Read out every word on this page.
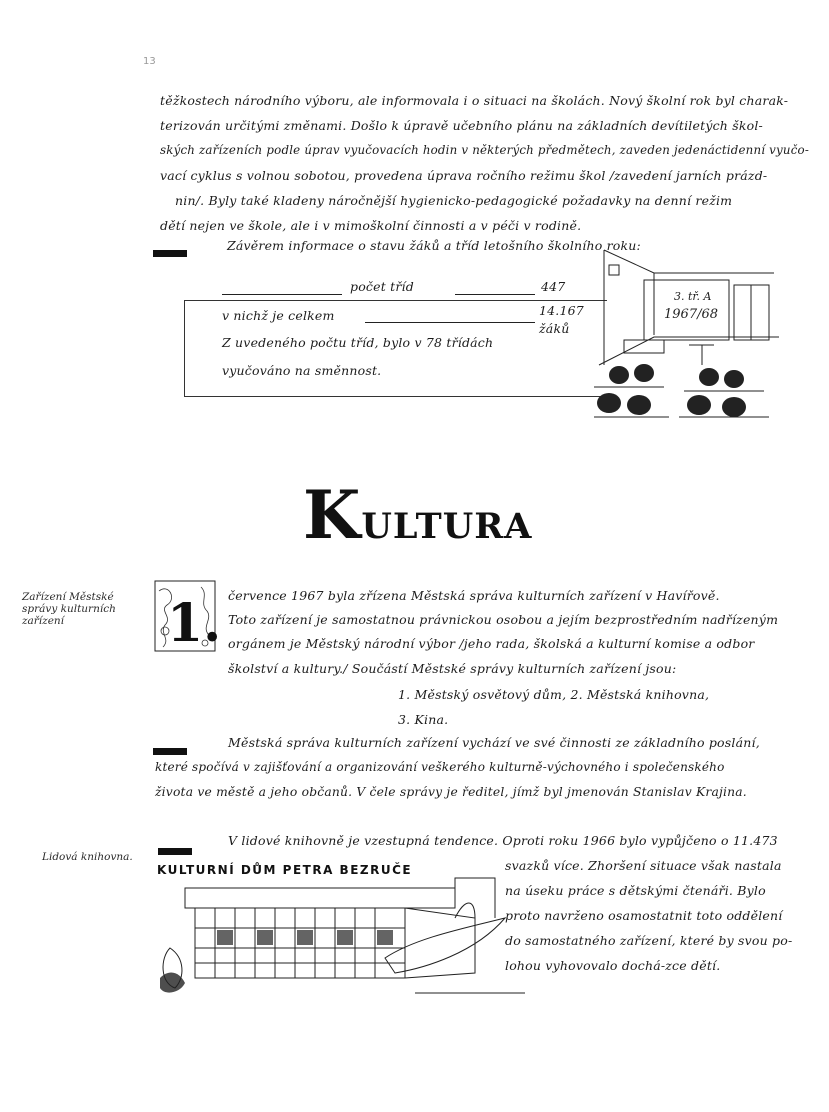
13
těžkostech národního výboru, ale informovala i o situaci na školách. Nový školní rok byl charak-
terizován určitými změnami. Došlo k úpravě učebního plánu na základních devítiletých škol-
ských zařízeních podle úprav vyučovacích hodin v některých předmětech, zaveden jedenáctidenní vyučo-
vací cyklus s volnou sobotou, provedena úprava ročního režimu škol /zavedení jarních prázd-
nin/. Byly také kladeny náročnější hygienicko-pedagogické požadavky na denní režim
dětí nejen ve škole, ale i v mimoškolní činnosti a v péči v rodině.
Závěrem informace o stavu žáků a tříd letošního školního roku:
počet tříd	447
v nichž je celkem	14.167
žáků
Z uvedeného počtu tříd, bylo v 78 třídách
vyučováno na směnnost.
3. tř. A
1967/68
Kultura
Zařízení Městské
správy kulturních
zařízení	1. července 1967 byla zřízena Městská správa kulturních zařízení v Havířově.
Toto zařízení je samostatnou právnickou osobou a jejím bezprostředním nadřízeným
orgánem je Městský národní výbor /jeho rada, školská a kulturní komise a odbor
školství a kultury./ Součástí Městské správy kulturních zařízení jsou:
1. Městský osvětový dům, 2. Městská knihovna,
3. Kina.
Městská správa kulturních zařízení vychází ve své činnosti ze základního poslání,
které spočívá v zajišťování a organizování veškerého kulturně-výchovného i společenského
života ve městě a jeho občanů. V čele správy je ředitel, jímž byl jmenován Stanislav Krajina.
Lidová knihovna.
V lidové knihovně je vzestupná tendence. Oproti roku 1966 bylo vypůjčeno o 11.473
svazků více. Zhoršení situace však nastala
na úseku práce s dětskými čtenáři. Bylo
proto navrženo osamostatnit toto oddělení
do samostatného zařízení, které by svou po-
lohou vyhovovalo dochá-zce dětí.
KULTURNÍ DŮM PETRA BEZRUČE
